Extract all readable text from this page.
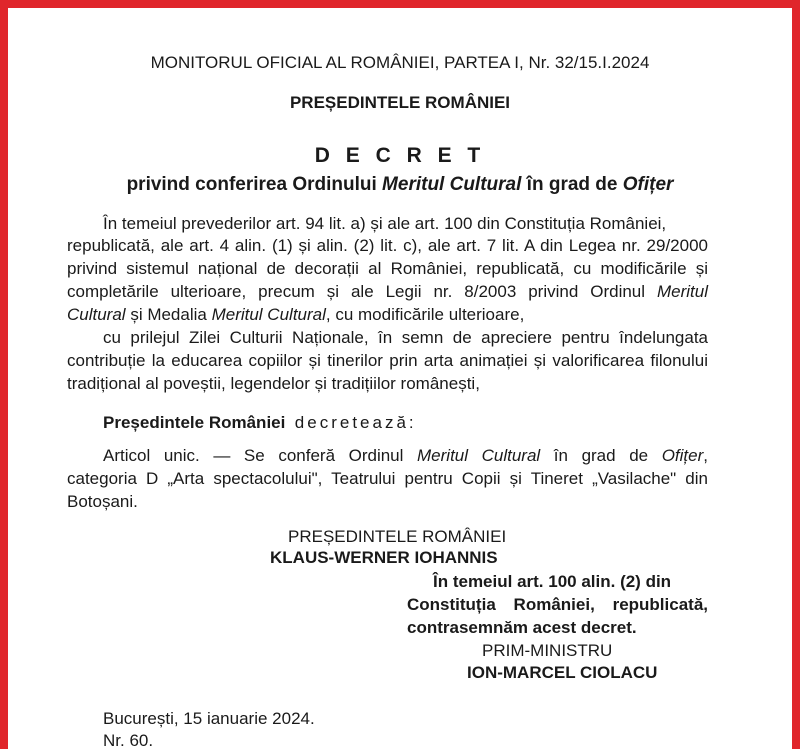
MONITORUL OFICIAL AL ROMÂNIEI, PARTEA I, Nr. 32/15.I.2024
PREȘEDINTELE ROMÂNIEI
D E C R E T
privind conferirea Ordinului Meritul Cultural în grad de Ofițer
În temeiul prevederilor art. 94 lit. a) și ale art. 100 din Constituția României,
republicată, ale art. 4 alin. (1) și alin. (2) lit. c), ale art. 7 lit. A din Legea nr. 29/2000
privind sistemul național de decorații al României, republicată, cu modificările și
completările ulterioare, precum și ale Legii nr. 8/2003 privind Ordinul Meritul
Cultural și Medalia Meritul Cultural, cu modificările ulterioare,
cu prilejul Zilei Culturii Naționale, în semn de apreciere pentru îndelungata
contribuție la educarea copiilor și tinerilor prin arta animației și valorificarea filonului
tradițional al poveștii, legendelor și tradițiilor românești,
Președintele României decretează:
Articol unic. — Se conferă Ordinul Meritul Cultural în grad de Ofițer,
categoria D „Arta spectacolului", Teatrului pentru Copii și Tineret „Vasilache" din
Botoșani.
PREȘEDINTELE ROMÂNIEI
KLAUS-WERNER IOHANNIS
În temeiul art. 100 alin. (2) din
Constituția României, republicată,
contrasemnăm acest decret.
PRIM-MINISTRU
ION-MARCEL CIOLACU
București, 15 ianuarie 2024.
Nr. 60.
